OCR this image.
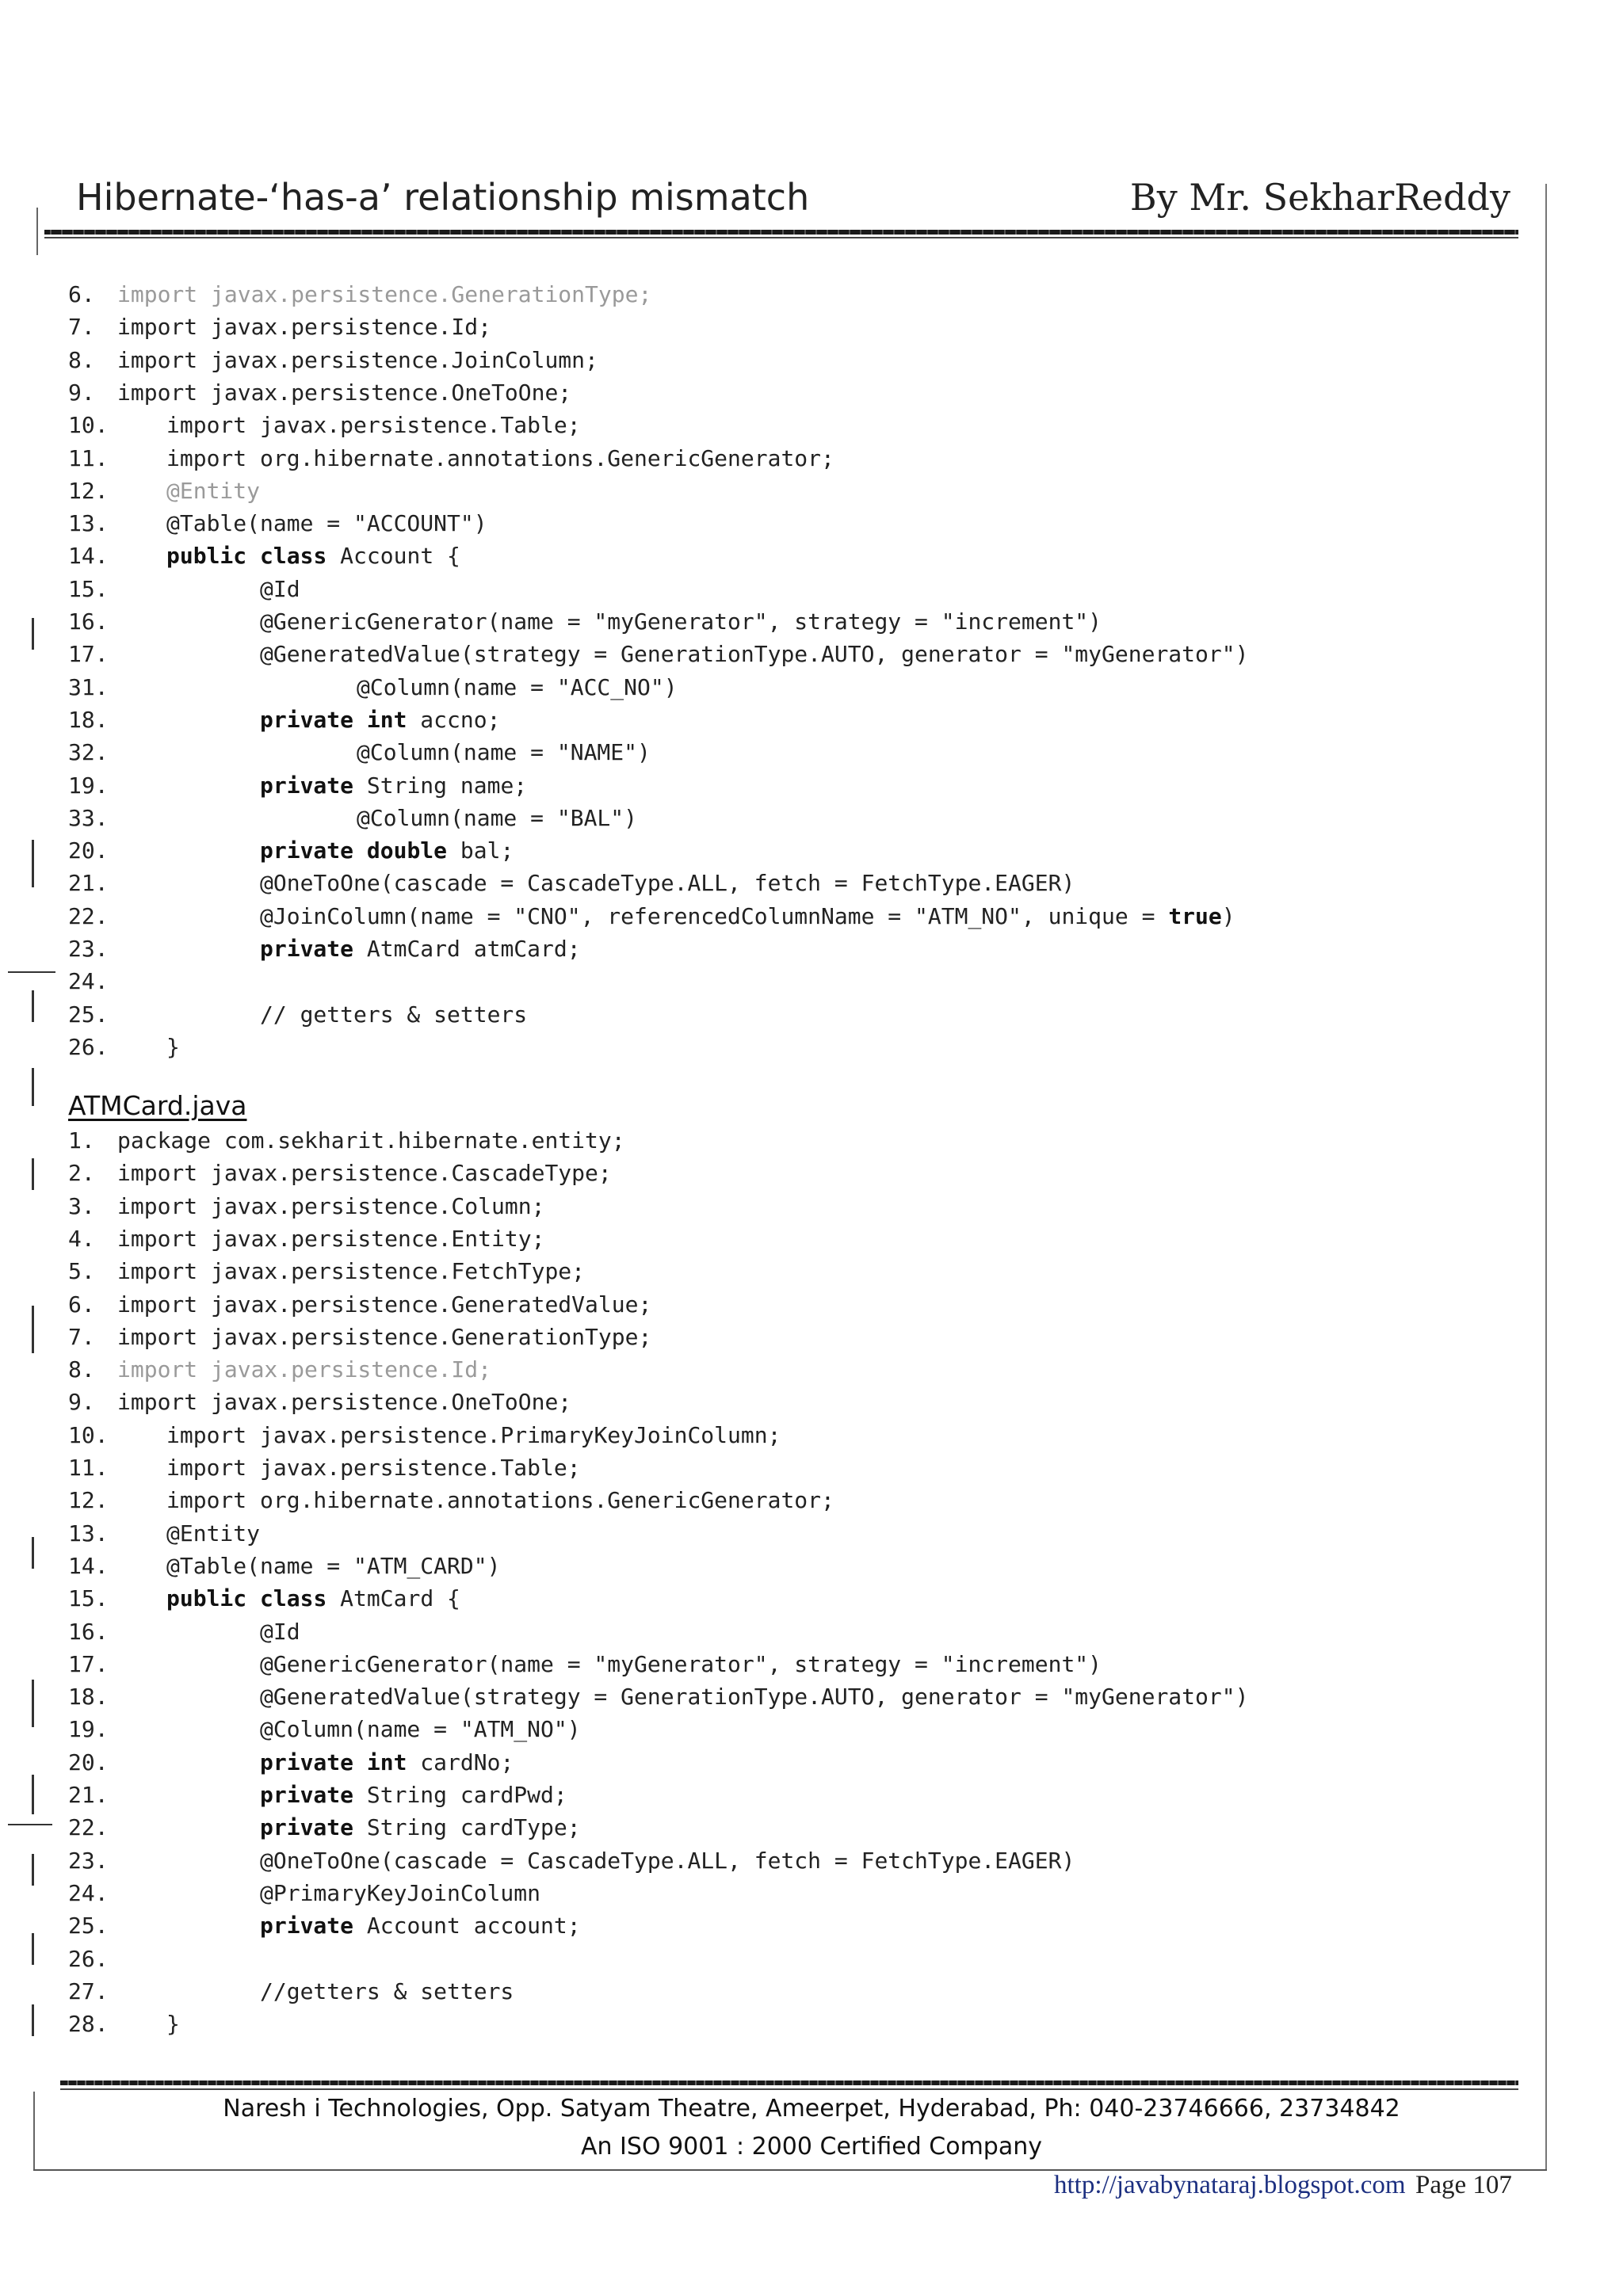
Hibernate-‘has-a’ relationship mismatch	By Mr. SekharReddy
6. import javax.persistence.GenerationType;
7. import javax.persistence.Id;
8. import javax.persistence.JoinColumn;
9. import javax.persistence.OneToOne;
10.	import javax.persistence.Table;
11.	import org.hibernate.annotations.GenericGenerator;
12.	@Entity
13.	@Table(name = "ACCOUNT")
14.	public class Account {
15.	@Id
16.	@GenericGenerator(name = "myGenerator", strategy = "increment")
17.	@GeneratedValue(strategy = GenerationType.AUTO, generator = "myGenerator")
31.	@Column(name = "ACC_NO")
18.	private int accno;
32.	@Column(name = "NAME")
19.	private String name;
33.	@Column(name = "BAL")
20.	private double bal;
21.	@OneToOne(cascade = CascadeType.ALL, fetch = FetchType.EAGER)
22.	@JoinColumn(name = "CNO", referencedColumnName = "ATM_NO", unique = true)
23.	private AtmCard atmCard;
24.
25.	// getters & setters
26.	}
ATMCard.java
1. package com.sekharit.hibernate.entity;
2. import javax.persistence.CascadeType;
3. import javax.persistence.Column;
4. import javax.persistence.Entity;
5. import javax.persistence.FetchType;
6. import javax.persistence.GeneratedValue;
7. import javax.persistence.GenerationType;
8. import javax.persistence.Id;
9. import javax.persistence.OneToOne;
10.	import javax.persistence.PrimaryKeyJoinColumn;
11.	import javax.persistence.Table;
12.	import org.hibernate.annotations.GenericGenerator;
13.	@Entity
14.	@Table(name = "ATM_CARD")
15.	public class AtmCard {
16.	@Id
17.	@GenericGenerator(name = "myGenerator", strategy = "increment")
18.	@GeneratedValue(strategy = GenerationType.AUTO, generator = "myGenerator")
19.	@Column(name = "ATM_NO")
20.	private int cardNo;
21.	private String cardPwd;
22.	private String cardType;
23.	@OneToOne(cascade = CascadeType.ALL, fetch = FetchType.EAGER)
24.	@PrimaryKeyJoinColumn
25.	private Account account;
26.
27.	//getters & setters
28.	}
Naresh i Technologies, Opp. Satyam Theatre, Ameerpet, Hyderabad, Ph: 040-23746666, 23734842
An ISO 9001 : 2000 Certified Company
http://javabynataraj.blogspot.com Page 107
